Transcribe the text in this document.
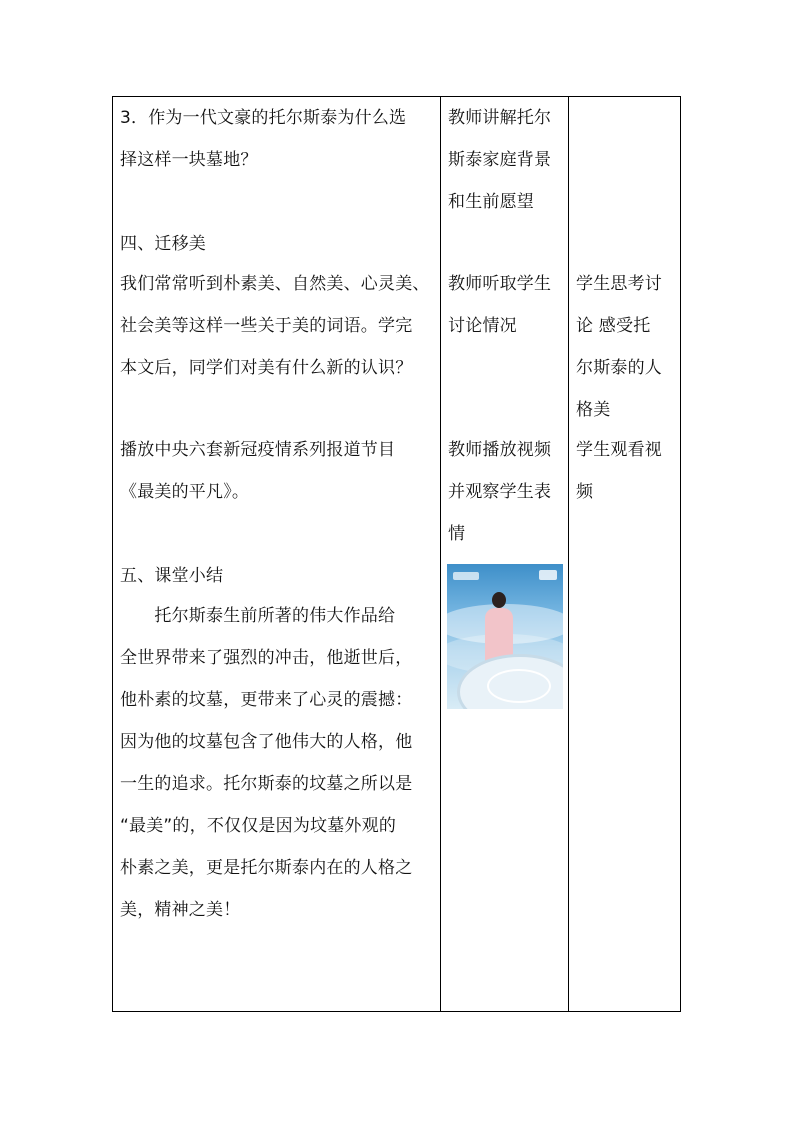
3．作为一代文豪的托尔斯泰为什么选
择这样一块墓地？
四、迁移美
我们常常听到朴素美、自然美、心灵美、
社会美等这样一些关于美的词语。学完
本文后，同学们对美有什么新的认识？
播放中央六套新冠疫情系列报道节目
《最美的平凡》。
五、课堂小结
　　托尔斯泰生前所著的伟大作品给
全世界带来了强烈的冲击，他逝世后，
他朴素的坟墓，更带来了心灵的震撼：
因为他的坟墓包含了他伟大的人格，他
一生的追求。托尔斯泰的坟墓之所以是
“最美”的，不仅仅是因为坟墓外观的
朴素之美，更是托尔斯泰内在的人格之
美，精神之美！
教师讲解托尔
斯泰家庭背景
和生前愿望
教师听取学生
讨论情况
教师播放视频
并观察学生表
情
学生思考讨
论 感受托
尔斯泰的人
格美
学生观看视
频
